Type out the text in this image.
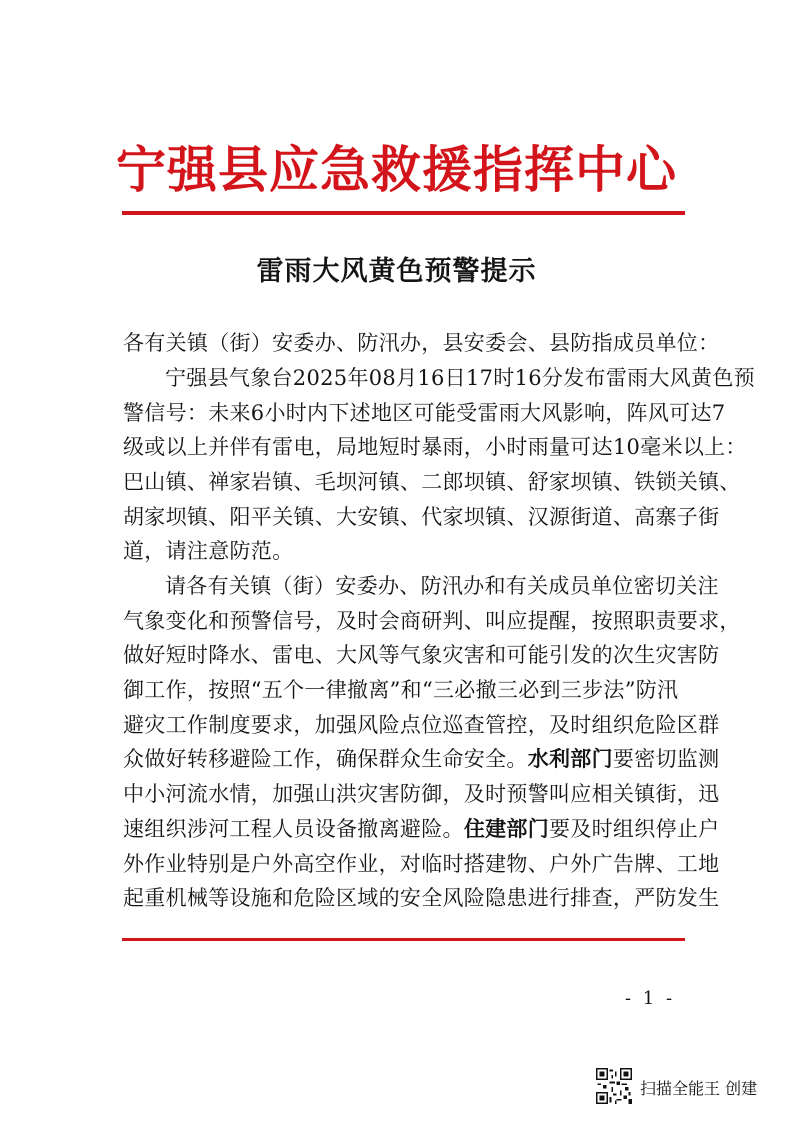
宁强县应急救援指挥中心
雷雨大风黄色预警提示
各有关镇（街）安委办、防汛办，县安委会、县防指成员单位：
宁强县气象台2025年08月16日17时16分发布雷雨大风黄色预
警信号：未来6小时内下述地区可能受雷雨大风影响，阵风可达7
级或以上并伴有雷电，局地短时暴雨，小时雨量可达10毫米以上：
巴山镇、禅家岩镇、毛坝河镇、二郎坝镇、舒家坝镇、铁锁关镇、
胡家坝镇、阳平关镇、大安镇、代家坝镇、汉源街道、高寨子街
道，请注意防范。
请各有关镇（街）安委办、防汛办和有关成员单位密切关注
气象变化和预警信号，及时会商研判、叫应提醒，按照职责要求，
做好短时降水、雷电、大风等气象灾害和可能引发的次生灾害防
御工作，按照“五个一律撤离”和“三必撤三必到三步法”防汛
避灾工作制度要求，加强风险点位巡查管控，及时组织危险区群
众做好转移避险工作，确保群众生命安全。水利部门要密切监测
中小河流水情，加强山洪灾害防御，及时预警叫应相关镇街，迅
速组织涉河工程人员设备撤离避险。住建部门要及时组织停止户
外作业特别是户外高空作业，对临时搭建物、户外广告牌、工地
起重机械等设施和危险区域的安全风险隐患进行排查，严防发生
- 1 -
扫描全能王 创建
